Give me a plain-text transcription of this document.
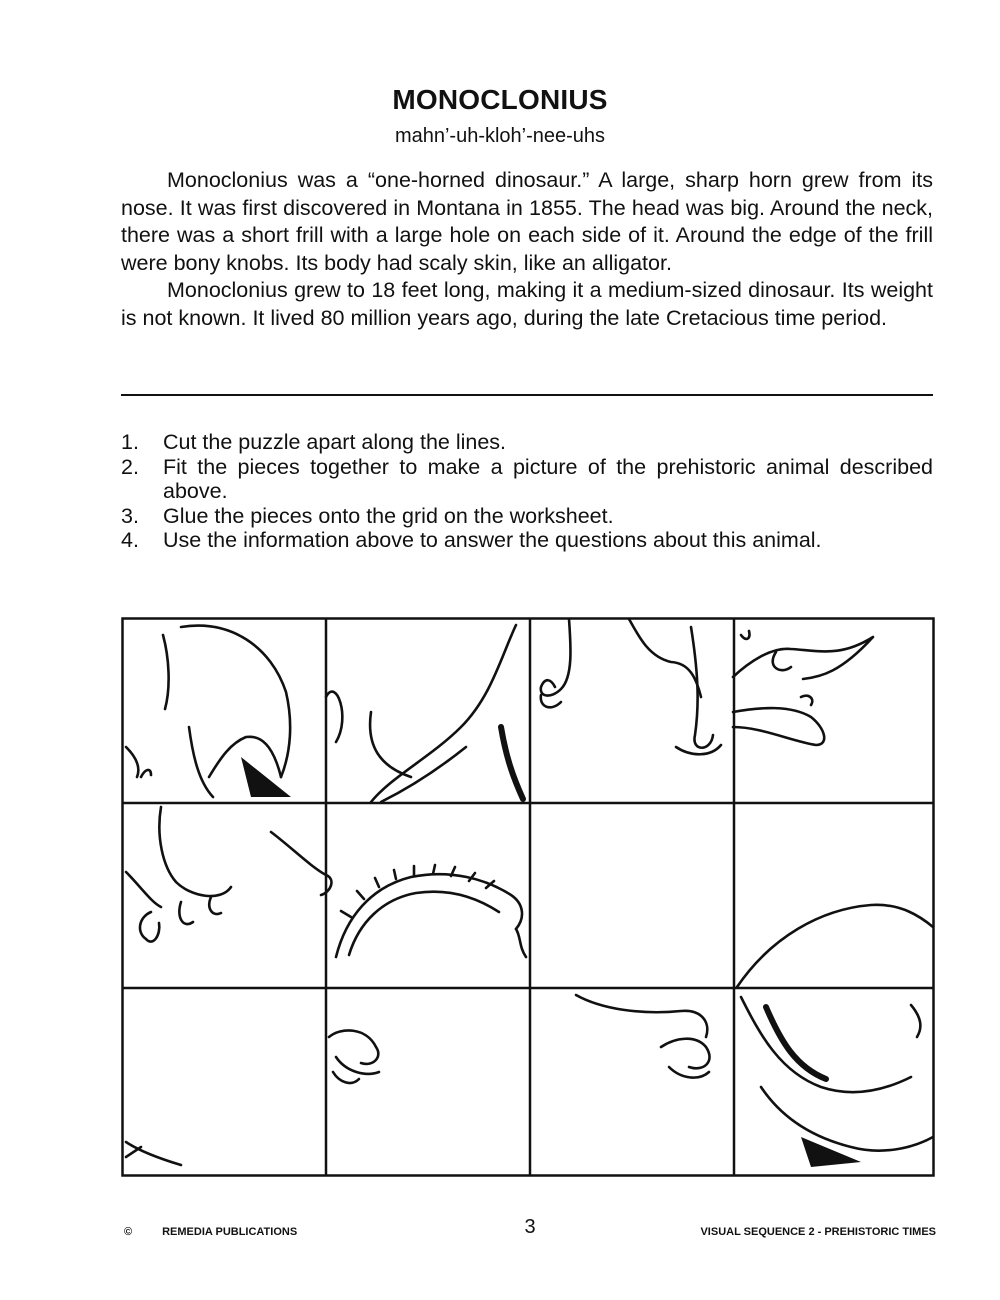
MONOCLONIUS
mahn’-uh-kloh’-nee-uhs

Monoclonius was a “one-horned dinosaur.” A large, sharp horn grew from its nose. It was first discovered in Montana in 1855. The head was big. Around the neck, there was a short frill with a large hole on each side of it. Around the edge of the frill were bony knobs. Its body had scaly skin, like an alligator.

Monoclonius grew to 18 feet long, making it a medium-sized dinosaur. Its weight is not known. It lived 80 million years ago, during the late Cretacious time period.

1. Cut the puzzle apart along the lines.
2. Fit the pieces together to make a picture of the prehistoric animal described above.
3. Glue the pieces onto the grid on the worksheet.
4. Use the information above to answer the questions about this animal.
©	REMEDIA PUBLICATIONS	3	VISUAL SEQUENCE 2 - PREHISTORIC TIMES
